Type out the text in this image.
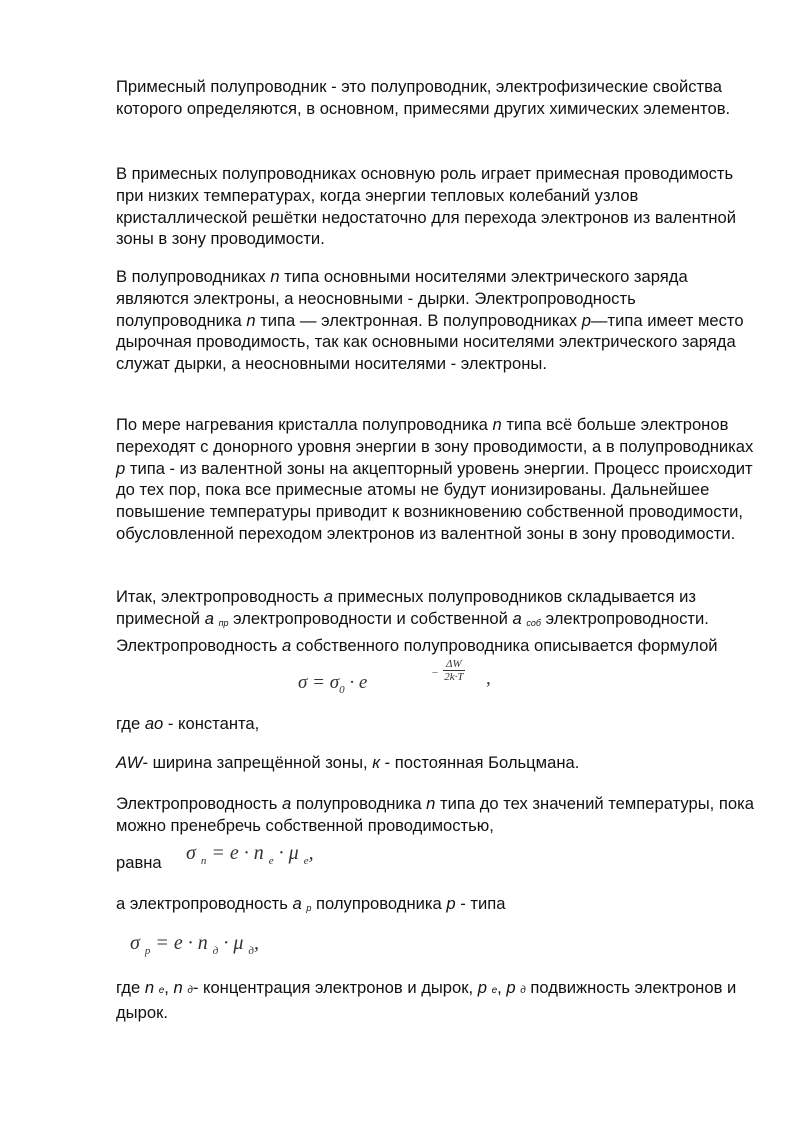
Примесный полупроводник - это полупроводник, электрофизические свойства которого определяются, в основном, примесями других химических элементов.

В примесных полупроводниках основную роль играет примесная проводимость при низких температурах, когда энергии тепловых колебаний узлов кристаллической решётки недостаточно для перехода электронов из валентной зоны в зону проводимости.

В полупроводниках n типа основными носителями электрического заряда являются электроны, а неосновными - дырки. Электропроводность полупроводника n типа — электронная. В полупроводниках p—типа имеет место дырочная проводимость, так как основными носителями электрического заряда служат дырки, а неосновными носителями - электроны.

По мере нагревания кристалла полупроводника n типа всё больше электронов переходят с донорного уровня энергии в зону проводимости, а в полупроводниках p типа - из валентной зоны на акцепторный уровень энергии. Процесс происходит до тех пор, пока все примесные атомы не будут ионизированы. Дальнейшее повышение температуры приводит к возникновению собственной проводимости, обусловленной переходом электронов из валентной зоны в зону проводимости.

Итак, электропроводность а примесных полупроводников складывается из примесной а $_{пр}$ электропроводности и собственной а $_{соб}$ электропроводности. Электропроводность а собственного полупроводника описывается формулой

$\sigma = \sigma_0 \cdot e$	−
ΔW
2k·T ,

где ао - константа,

AW- ширина запрещённой зоны, к - постоянная Больцмана.

Электропроводность а полупроводника n типа до тех значений температуры, пока можно пренебречь собственной проводимостью,

равна	σ $_n$ = e · n $_e$ · μ $_e$,

а электропроводность а $_р$ полупроводника р - типа

σ $_p$ = e · n $_д$ · μ $_д$,

где n e, n д- концентрация электронов и дырок, p e, p д подвижность электронов и дырок.
